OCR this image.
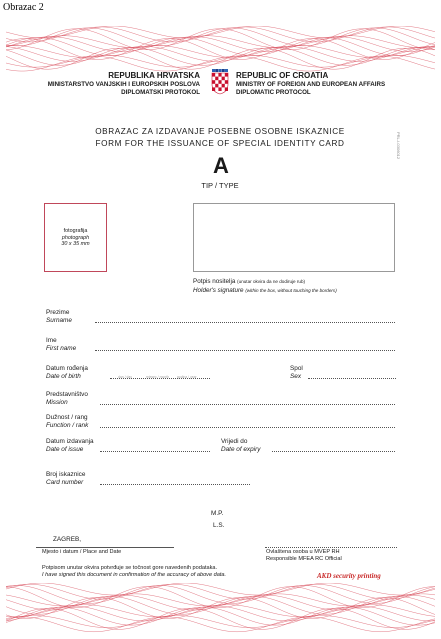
Obrazac 2
REPUBLIKA HRVATSKA
MINISTARSTVO VANJSKIH I EUROPSKIH POSLOVA
DIPLOMATSKI PROTOKOL
REPUBLIC OF CROATIA
MINISTRY OF FOREIGN AND EUROPEAN AFFAIRS
DIPLOMATIC PROTOCOL
PRL-I-0306012
OBRAZAC ZA IZDAVANJE POSEBNE OSOBNE ISKAZNICE
FORM FOR THE ISSUANCE OF SPECIAL IDENTITY CARD
A
TIP / TYPE
fotografija
photograph
30 x 35 mm
Potpis nositelja (unutar okvira da ne dodiruje rub)
Holder's signature (within the box, without touching the borders)
Prezime
Surname
Ime
First name
Datum rođenja
Date of birth	dan / day	mjesec / month godina / year
Spol
Sex
Predstavništvo
Mission
Dužnost / rang
Function / rank
Datum izdavanja
Date of issue
Vrijedi do
Date of expiry
Broj iskaznice
Card number
M.P.
L.S.
ZAGREB,
Mjesto i datum / Place and Date	Ovlaštena osoba u MVEP RH
Responsible MFEA RC Official
Potpisom unutar okvira potvrđuje se točnost gore navedenih podataka.
I have signed this document in confirmation of the accuracy of above data.	AKD security printing
